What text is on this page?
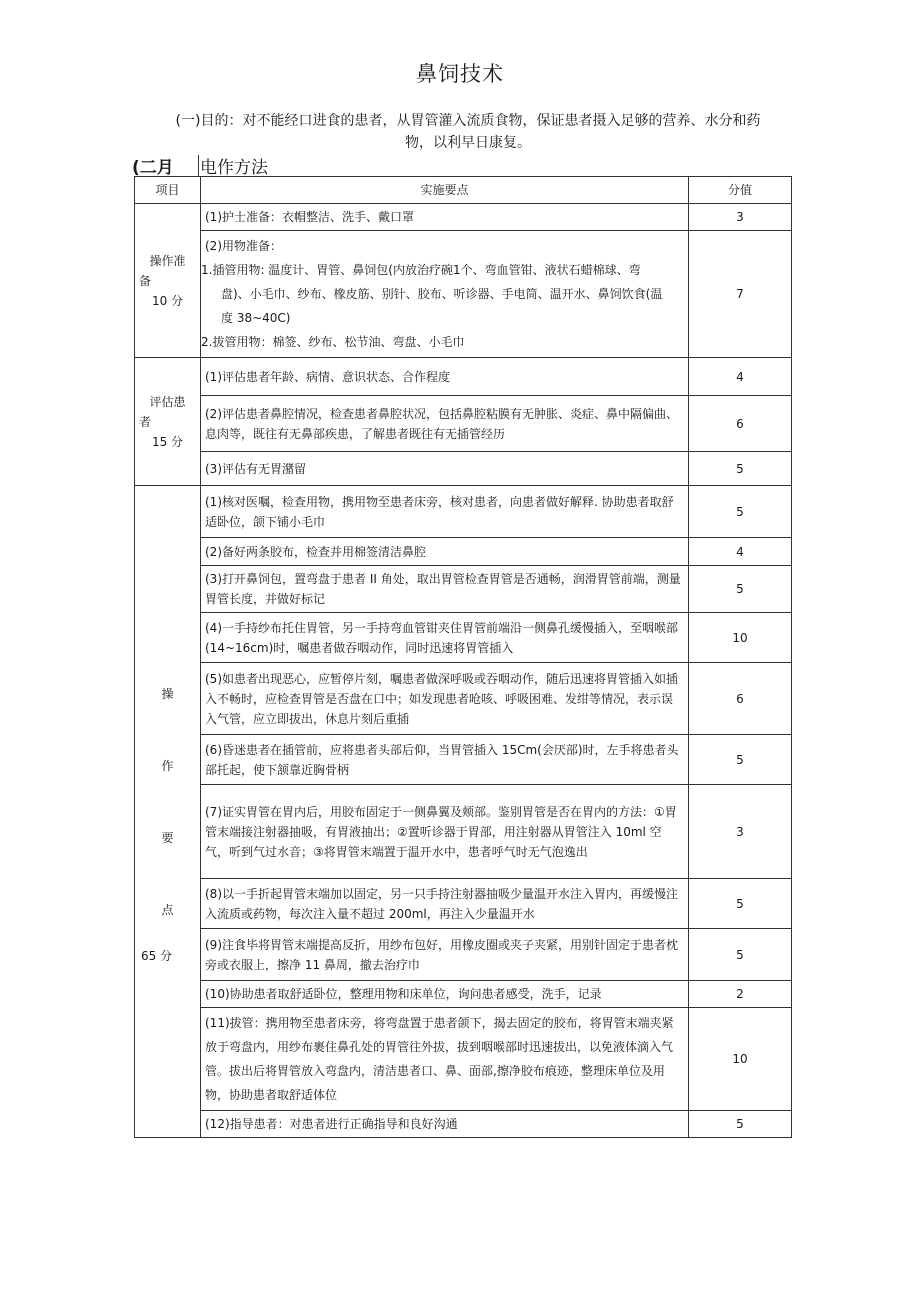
鼻饲技术
(一)目的：对不能经口进食的患者，从胃管灌入流质食物，保证患者摄入足够的营养、水分和药物，以利早日康复。
(二月 电作方法
项目	实施要点	分值

操作准
备
10 分	(1)护士准备：衣帽整洁、洗手、戴口罩	3

	(2)用物准备：
1.插管用物: 温度计、胃管、鼻饲包(内放治疗碗1个、弯血管钳、液状石蜡棉球、弯
盘)、小毛巾、纱布、橡皮筋、别针、胶布、听诊器、手电筒、温开水、鼻饲饮食(温
度 38~40C)
2.拔管用物：棉签、纱布、松节油、弯盘、小毛巾	7

评估患
者
15 分	(1)评估患者年龄、病情、意识状态、合作程度	4
	(2)评估患者鼻腔情况，检查患者鼻腔状况，包括鼻腔粘膜有无肿胀、炎症、鼻中隔偏曲、息肉等，既往有无鼻部疾患，了解患者既往有无插管经历	6
	(3)评估有无胃潴留	5

操
作
要
点
65 分	(1)核对医嘱，检查用物，携用物至患者床旁，核对患者，向患者做好解释. 协助患者取舒适卧位，颌下铺小毛巾	5
	(2)备好两条胶布，检查并用棉签清洁鼻腔	4
	(3)打开鼻饲包，置弯盘于患者 II 角处，取出胃管检查胃管是否通畅，润滑胃管前端，测量胃管长度，并做好标记	5
	(4)一手持纱布托住胃管，另一手持弯血管钳夹住胃管前端沿一侧鼻孔缓慢插入，至咽喉部(14~16cm)时，嘱患者做吞咽动作，同时迅速将胃管插入	10
	(5)如患者出现恶心，应暂停片刻，嘱患者做深呼吸或吞咽动作，随后迅速将胃管插入如插入不畅时，应检查胃管是否盘在口中；如发现患者呛咳、呼吸困难、发绀等情况，表示误入气管，应立即拔出，休息片刻后重插	6
	(6)昏迷患者在插管前，应将患者头部后仰，当胃管插入 15Cm(会厌部)时，左手将患者头部托起，使下颔靠近胸骨柄	5
	(7)证实胃管在胃内后，用胶布固定于一侧鼻翼及颊部。鉴别胃管是否在胃内的方法：①胃管末端接注射器抽吸，有胃液抽出；②置听诊器于胃部，用注射器从胃管注入 10ml 空气，听到气过水音；③将胃管末端置于温开水中，患者呼气时无气泡逸出	3
	(8)以一手折起胃管末端加以固定，另一只手持注射器抽吸少量温开水注入胃内，再缓慢注入流质或药物，每次注入量不超过 200ml，再注入少量温开水	5
	(9)注食毕将胃管末端提高反折，用纱布包好，用橡皮圈或夹子夹紧，用别针固定于患者枕旁或衣服上，擦净 11 鼻周，撤去治疗巾	5
	(10)协助患者取舒适卧位，整理用物和床单位，询问患者感受，洗手，记录	2
	(11)拔管：携用物至患者床旁，将弯盘置于患者颌下，揭去固定的胶布，将胃管末端夹紧放于弯盘内，用纱布裹住鼻孔处的胃管往外拔，拔到咽喉部时迅速拔出，以免液体滴入气管。拔出后将胃管放入弯盘内，清洁患者口、鼻、面部,擦净胶布痕迹，整理床单位及用物，协助患者取舒适体位	10
	(12)指导患者：对患者进行正确指导和良好沟通	5
